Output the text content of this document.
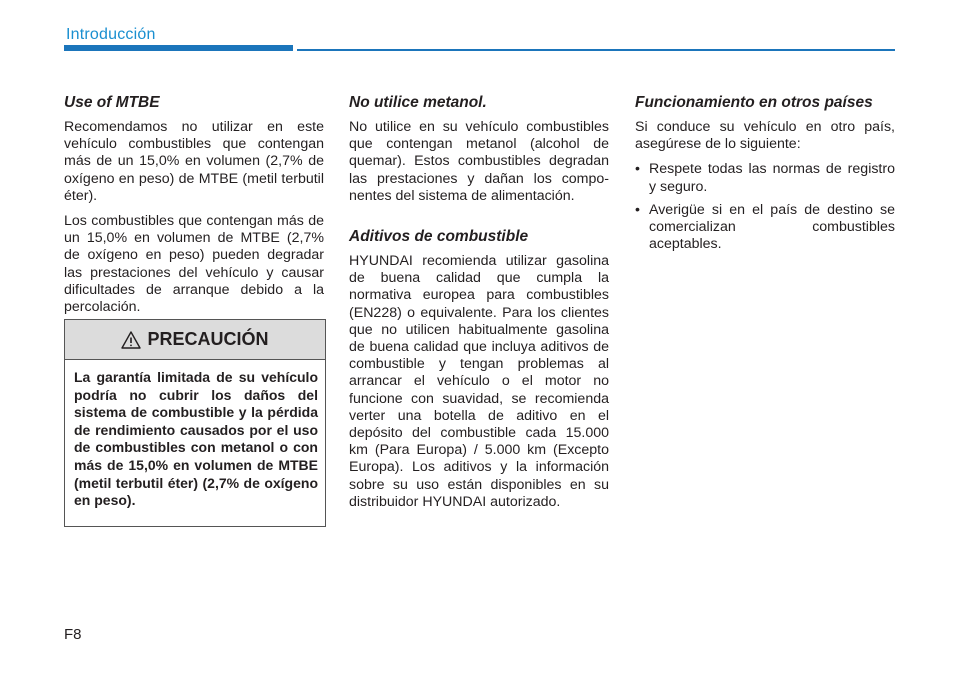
Introducción
Use of MTBE

Recomendamos no utilizar en este vehículo combustibles que contengan más de un 15,0% en volumen (2,7% de oxígeno en peso) de MTBE (metil terbutil éter).

Los combustibles que contengan más de un 15,0% en volumen de MTBE (2,7% de oxígeno en peso) pueden degradar las prestaciones del vehículo y causar dificultades de arranque debido a la percolación.

PRECAUCIÓN
La garantía limitada de su vehículo podría no cubrir los daños del sistema de combustible y la pérdida de rendimiento causados por el uso de combustibles con metanol o con más de 15,0% en volumen de MTBE (metil terbutil éter) (2,7% de oxígeno en peso).
No utilice metanol.

No utilice en su vehículo combustibles que contengan metanol (alcohol de quemar). Estos combustibles degradan las prestaciones y dañan los compo-nentes del sistema de alimentación.

Aditivos de combustible

HYUNDAI recomienda utilizar gasolina de buena calidad que cumpla la normativa europea para combustibles (EN228) o equivalente. Para los clientes que no utilicen habitualmente gasolina de buena calidad que incluya aditivos de combustible y tengan problemas al arrancar el vehículo o el motor no funcione con suavidad, se recomienda verter una botella de aditivo en el depósito del combustible cada 15.000 km (Para Europa) / 5.000 km (Excepto Europa). Los aditivos y la información sobre su uso están disponibles en su distribuidor HYUNDAI autorizado.

Funcionamiento en otros países

Si conduce su vehículo en otro país, asegúrese de lo siguiente:

• Respete todas las normas de registro y seguro.
• Averigüe si en el país de destino se comercializan combustibles aceptables.
F8
